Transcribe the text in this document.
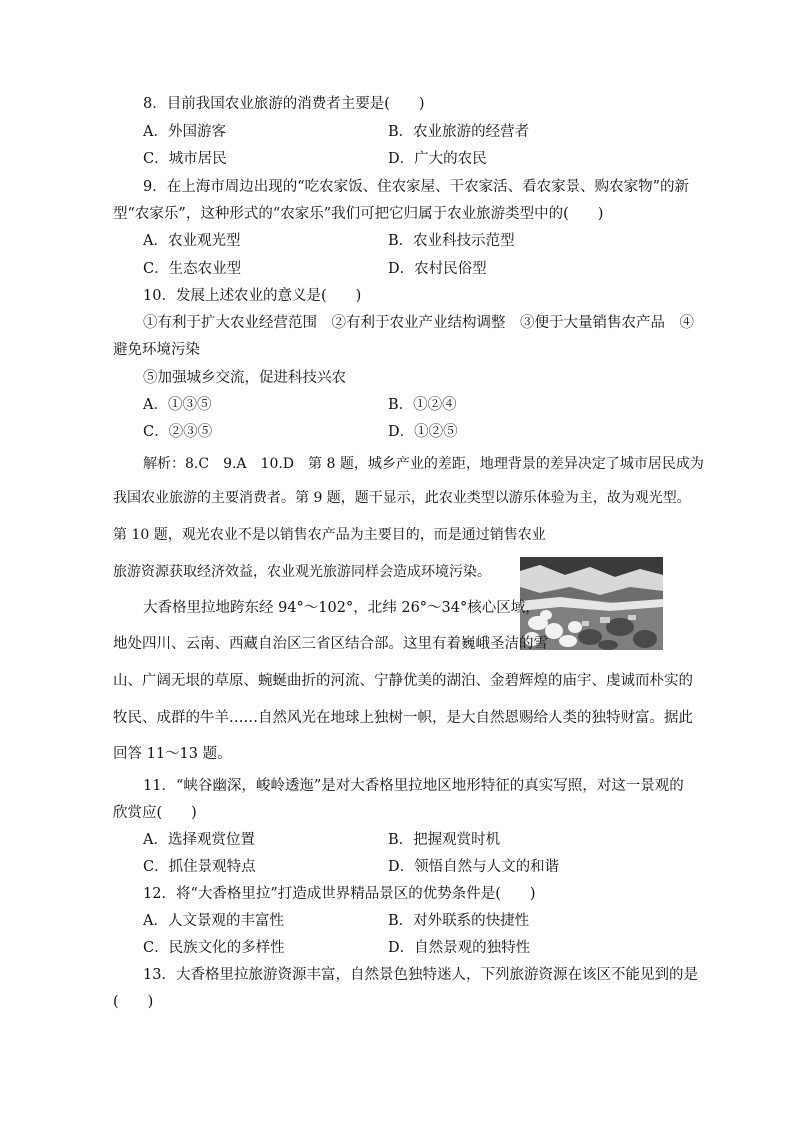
8．目前我国农业旅游的消费者主要是(　　)
A．外国游客	B．农业旅游的经营者
C．城市居民	D．广大的农民
9．在上海市周边出现的“吃农家饭、住农家屋、干农家活、看农家景、购农家物”的新
型“农家乐”，这种形式的“农家乐”我们可把它归属于农业旅游类型中的(　　)
A．农业观光型	B．农业科技示范型
C．生态农业型	D．农村民俗型
10．发展上述农业的意义是(　　)
①有利于扩大农业经营范围　②有利于农业产业结构调整　③便于大量销售农产品　④
避免环境污染
⑤加强城乡交流，促进科技兴农
A．①③⑤	B．①②④
C．②③⑤	D．①②⑤
解析：8.C　9.A　10.D　第 8 题，城乡产业的差距，地理背景的差异决定了城市居民成为
我国农业旅游的主要消费者。第 9 题，题干显示，此农业类型以游乐体验为主，故为观光型。
第 10 题，观光农业不是以销售农产品为主要目的，而是通过销售农业
旅游资源获取经济效益，农业观光旅游同样会造成环境污染。
大香格里拉地跨东经 94°～102°，北纬 26°～34°核心区域，
地处四川、云南、西藏自治区三省区结合部。这里有着巍峨圣洁的雪
山、广阔无垠的草原、蜿蜒曲折的河流、宁静优美的湖泊、金碧辉煌的庙宇、虔诚而朴实的
牧民、成群的牛羊……自然风光在地球上独树一帜，是大自然恩赐给人类的独特财富。据此
回答 11～13 题。
11．“峡谷幽深，峻岭透迤”是对大香格里拉地区地形特征的真实写照，对这一景观的
欣赏应(　　)
A．选择观赏位置	B．把握观赏时机
C．抓住景观特点	D．领悟自然与人文的和谐
12．将“大香格里拉”打造成世界精品景区的优势条件是(　　)
A．人文景观的丰富性	B．对外联系的快捷性
C．民族文化的多样性	D．自然景观的独特性
13．大香格里拉旅游资源丰富，自然景色独特迷人，下列旅游资源在该区不能见到的是
(　　)
